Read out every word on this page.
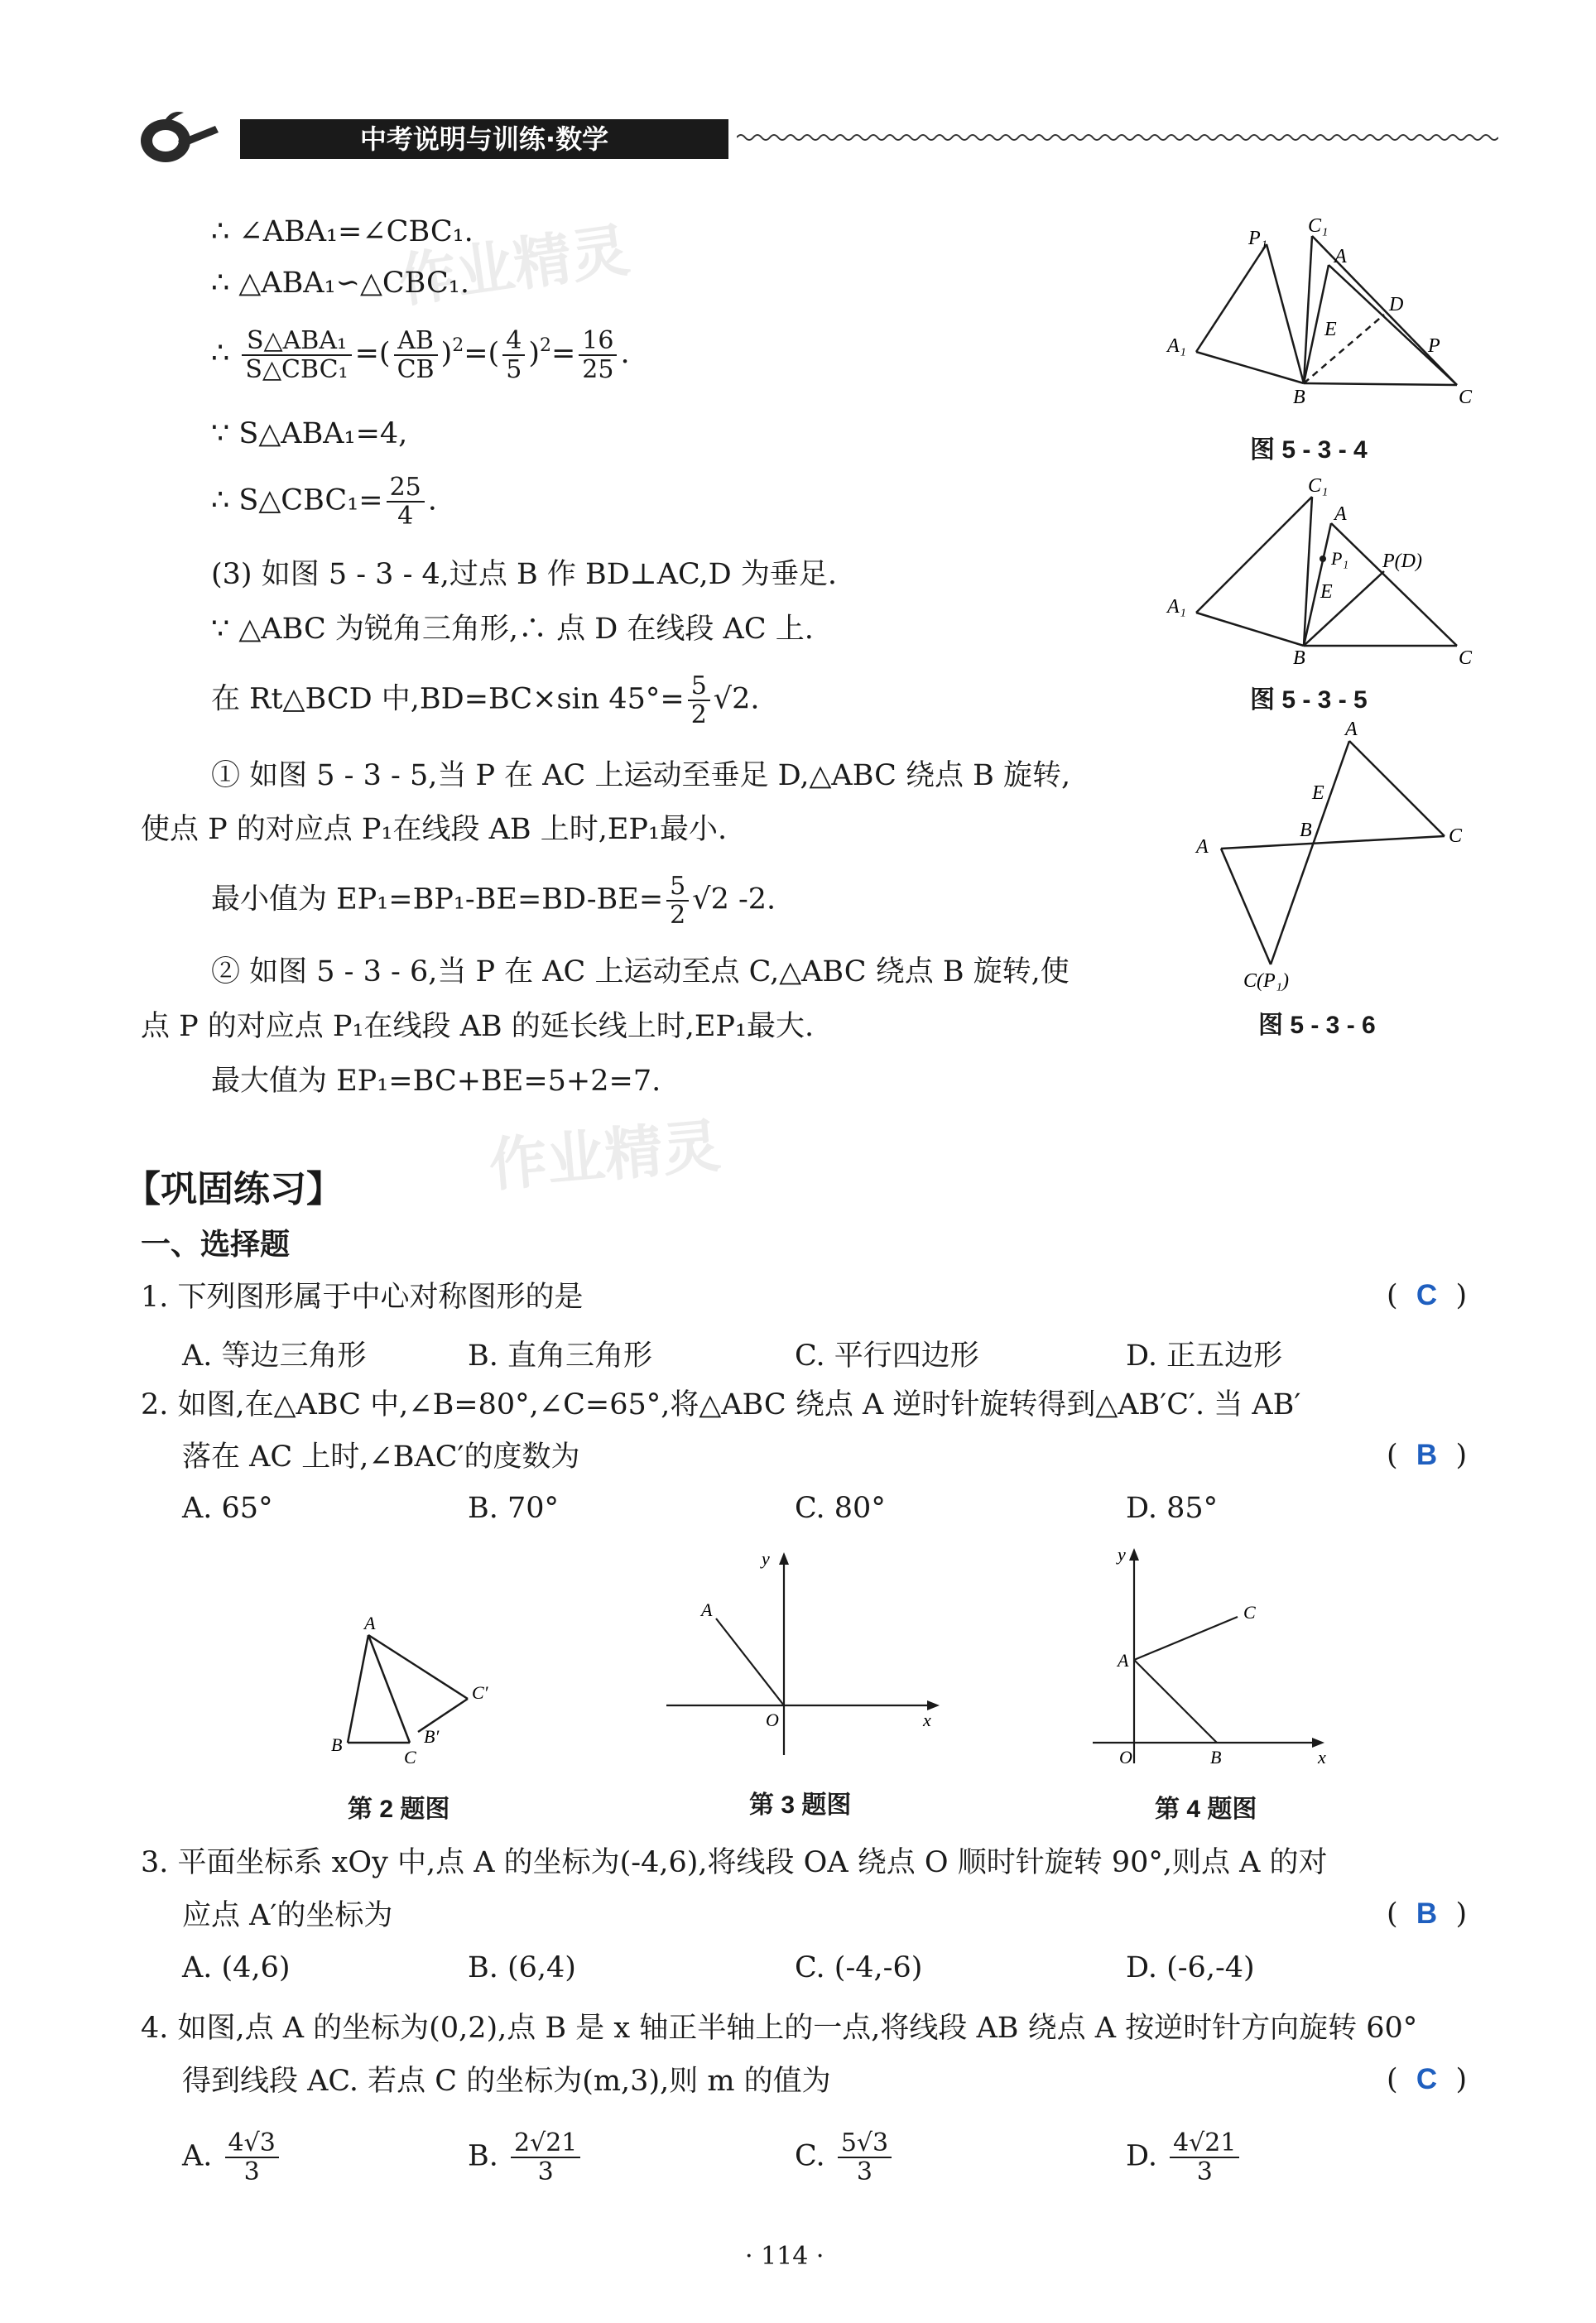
中考说明与训练·数学
作业精灵
作业精灵
∴ ∠ABA₁=∠CBC₁.
∴ △ABA₁∽△CBC₁.
∴ $\frac{\text{S△ABA₁}}{\text{S△CBC₁}}$ =( $\frac{AB}{CB} )^2=( \frac{4}{5} )^2= \frac{16}{25}$ .
∵ S△ABA₁=4,
∴ S△CBC₁= $\frac{25}{4}$ .
(3) 如图 5 - 3 - 4,过点 B 作 BD⊥AC,D 为垂足.
∵ △ABC 为锐角三角形,∴ 点 D 在线段 AC 上.
在 Rt△BCD 中,BD=BC×sin $45^\circ= \frac{5}{2} √2$.
① 如图 5 - 3 - 5,当 P 在 AC 上运动至垂足 D,△ABC 绕点 B 旋转,
使点 P 的对应点 P₁在线段 AB 上时,EP₁最小.
最小值为 $EP_1=BP_1-BE=BD-BE= \frac{5}{2} √2$ -2.
② 如图 5 - 3 - 6,当 P 在 AC 上运动至点 C,△ABC 绕点 B 旋转,使
点 P 的对应点 P₁在线段 AB 的延长线上时,EP₁最大.
最大值为 EP₁=BC+BE=5+2=7.
A₁
P₁
C₁
A
D
E
P
B	C
图 5 - 3 - 4
A₁
C₁
A
P₁ P(D)
E
B	C
图 5 - 3 - 5
A
E
B	C
A
C(P₁)
图 5 - 3 - 6
【巩固练习】
一、选择题
1. 下列图形属于中心对称图形的是	(  C  )
A. 等边三角形	B. 直角三角形	C. 平行四边形	D. 正五边形
2. 如图,在△ABC 中,∠B=80°,∠C=65°,将△ABC 绕点 A 逆时针旋转得到△AB′C′. 当 AB′
落在 AC 上时,∠BAC′的度数为	(  B  )
A. 65°	B. 70°	C. 80°	D. 85°
A
B
C
C′
B′
第 2 题图
A
O	x
y
第 3 题图
A
B
C
O	x
y
第 4 题图
3. 平面坐标系 xOy 中,点 A 的坐标为(-4,6),将线段 OA 绕点 O 顺时针旋转 90°,则点 A 的对
应点 A′的坐标为	(  B  )
A. (4,6)	B. (6,4)	C. (-4,-6)	D. (-6,-4)
4. 如图,点 A 的坐标为(0,2),点 B 是 x 轴正半轴上的一点,将线段 AB 绕点 A 按逆时针方向旋转 60°
得到线段 AC. 若点 C 的坐标为(m,3),则 m 的值为	(  C  )
A. $\frac{4√3}{3}$	B. $\frac{2√21}{3}$	C. $\frac{5√3}{3}$	D. $\frac{4√21}{3}$
· 114 ·
